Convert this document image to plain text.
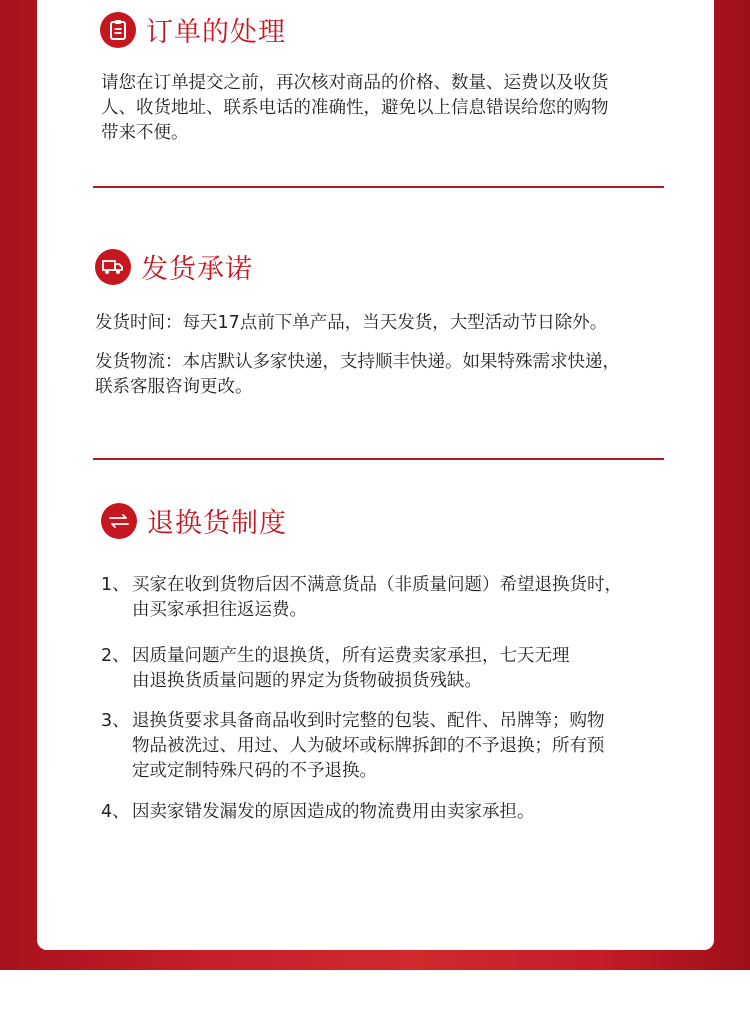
订单的处理
请您在订单提交之前，再次核对商品的价格、数量、运费以及收货
人、收货地址、联系电话的准确性，避免以上信息错误给您的购物
带来不便。
发货承诺
发货时间：每天17点前下单产品，当天发货，大型活动节日除外。
发货物流：本店默认多家快递，支持顺丰快递。如果特殊需求快递，
联系客服咨询更改。
退换货制度
1、 买家在收到货物后因不满意货品（非质量问题）希望退换货时，
由买家承担往返运费。
2、 因质量问题产生的退换货，所有运费卖家承担，七天无理
由退换货质量问题的界定为货物破损货残缺。
3、 退换货要求具备商品收到时完整的包装、配件、吊牌等；购物
物品被洗过、用过、人为破坏或标牌拆卸的不予退换；所有预
定或定制特殊尺码的不予退换。
4、 因卖家错发漏发的原因造成的物流费用由卖家承担。
